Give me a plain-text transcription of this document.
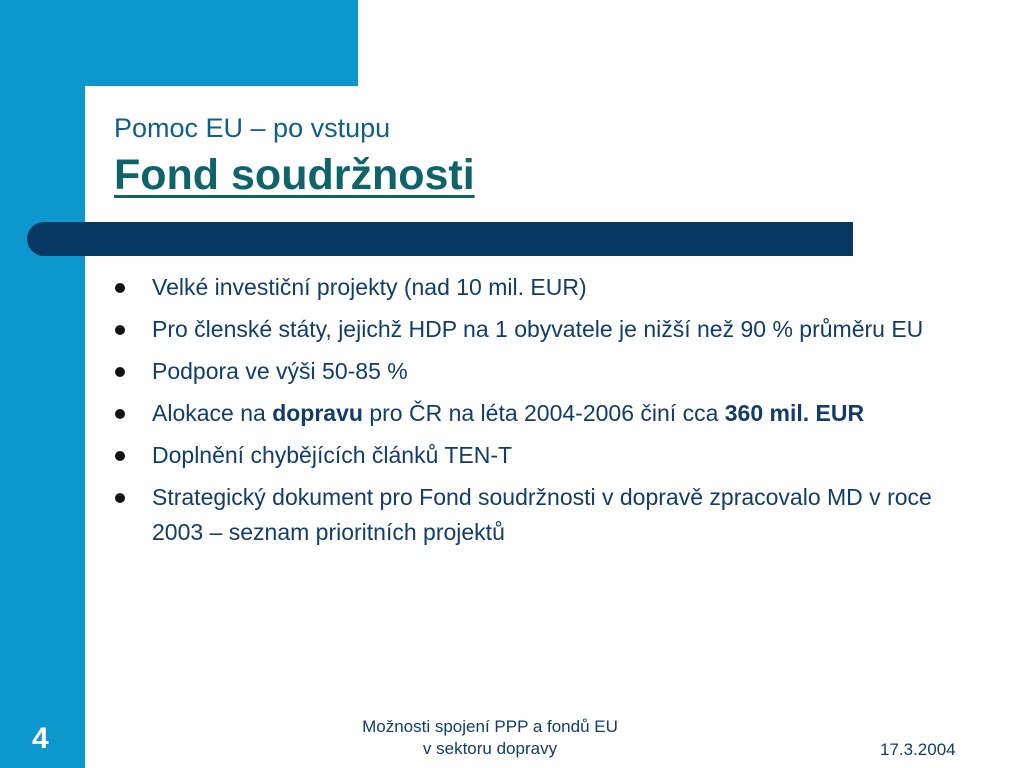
Pomoc EU – po vstupu
Fond soudržnosti
Velké investiční projekty (nad 10 mil. EUR)
Pro členské státy, jejichž HDP na 1 obyvatele je nižší než 90 % průměru EU
Podpora ve výši 50-85 %
Alokace na dopravu pro ČR na léta 2004-2006 činí cca 360 mil. EUR
Doplnění chybějících článků TEN-T
Strategický dokument pro Fond soudržnosti v dopravě zpracovalo MD v roce 2003 – seznam prioritních projektů
4	Možnosti spojení PPP a fondů EU
v sektoru dopravy	17.3.2004
